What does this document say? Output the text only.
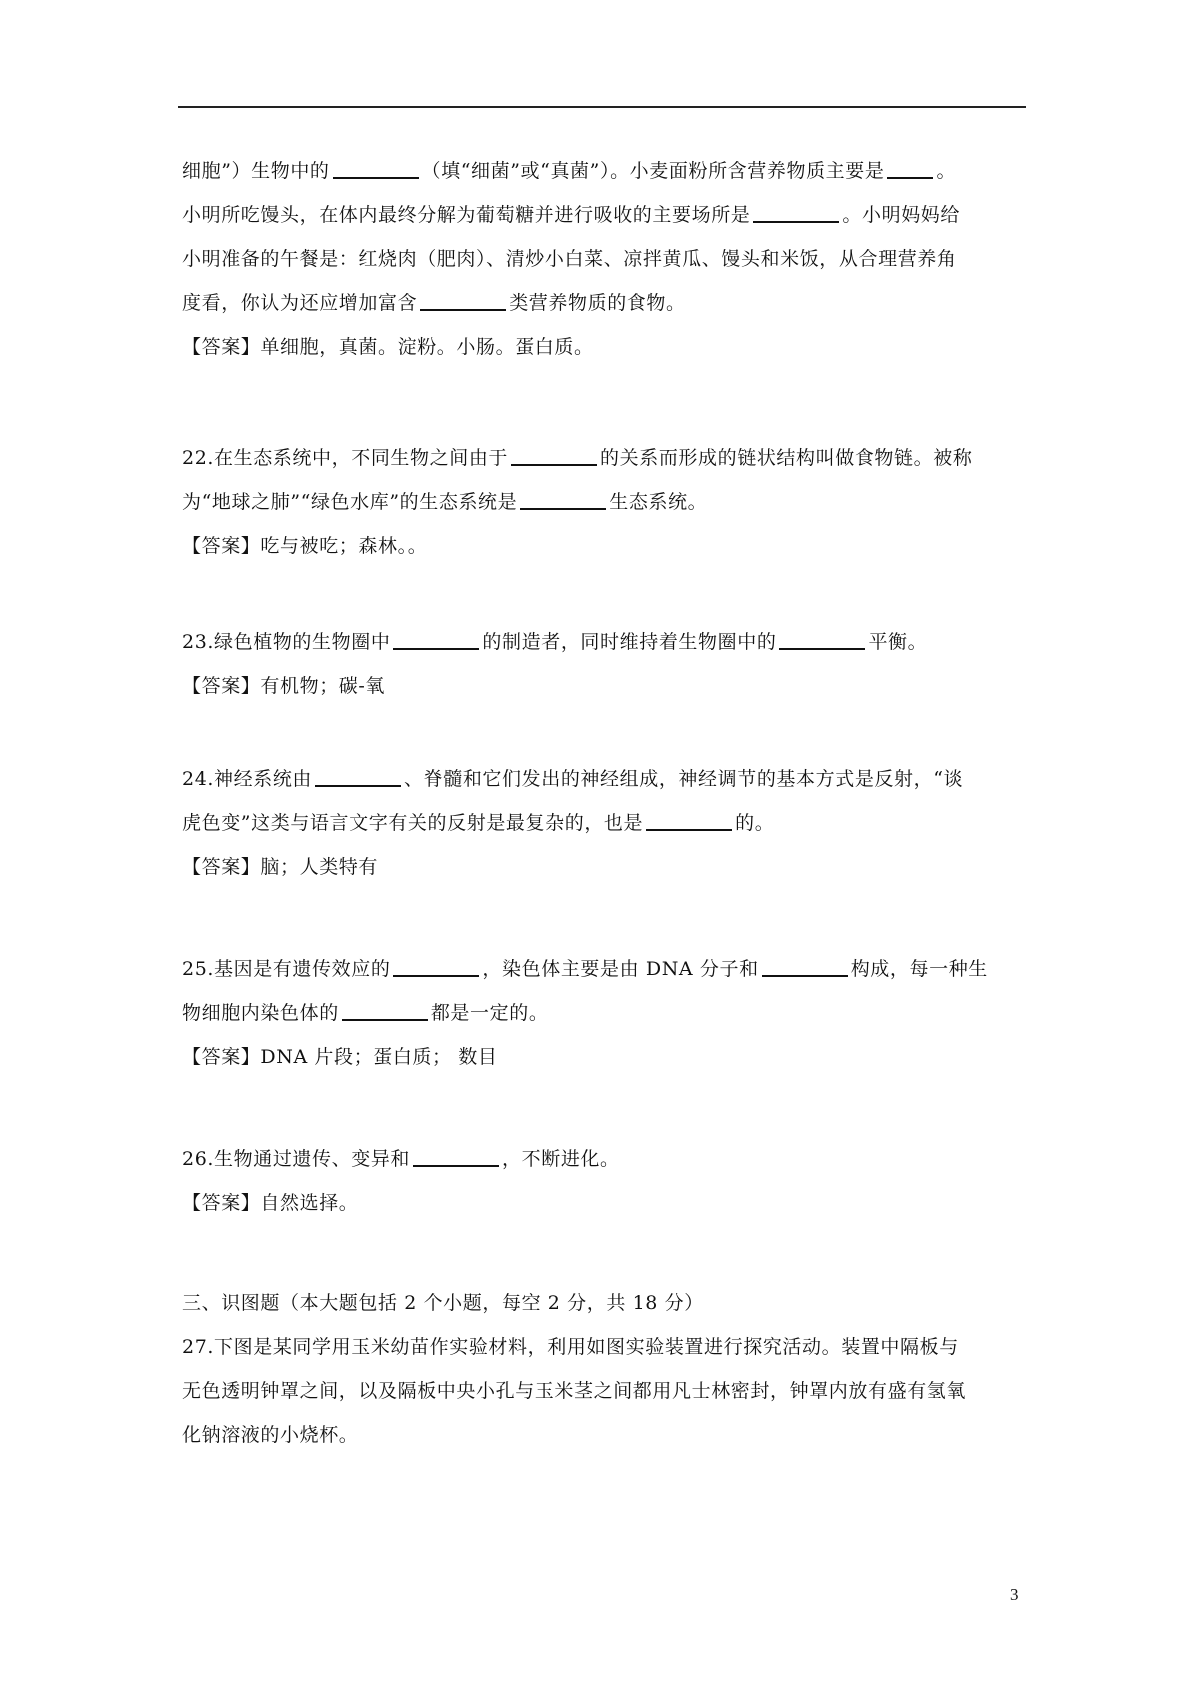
细胞”）生物中的	（填“细菌”或“真菌”）。小麦面粉所含营养物质主要是	。
小明所吃馒头，在体内最终分解为葡萄糖并进行吸收的主要场所是	。小明妈妈给
小明准备的午餐是：红烧肉（肥肉）、清炒小白菜、凉拌黄瓜、馒头和米饭，从合理营养角
度看，你认为还应增加富含	类营养物质的食物。
【答案】单细胞，真菌。淀粉。小肠。蛋白质。
22.在生态系统中，不同生物之间由于	的关系而形成的链状结构叫做食物链。被称
为“地球之肺”“绿色水库”的生态系统是	生态系统。
【答案】吃与被吃；森林。。
23.绿色植物的生物圈中	的制造者，同时维持着生物圈中的	平衡。
【答案】有机物；碳-氧
24.神经系统由	、脊髓和它们发出的神经组成，神经调节的基本方式是反射，“谈
虎色变”这类与语言文字有关的反射是最复杂的，也是	的。
【答案】脑；人类特有
25.基因是有遗传效应的	，染色体主要是由 DNA 分子和	构成，每一种生
物细胞内染色体的	都是一定的。
【答案】DNA 片段；蛋白质； 数目
26.生物通过遗传、变异和	，不断进化。
【答案】自然选择。
三、识图题（本大题包括 2 个小题，每空 2 分，共 18 分）
27.下图是某同学用玉米幼苗作实验材料，利用如图实验装置进行探究活动。装置中隔板与
无色透明钟罩之间，以及隔板中央小孔与玉米茎之间都用凡士林密封，钟罩内放有盛有氢氧
化钠溶液的小烧杯。
3
